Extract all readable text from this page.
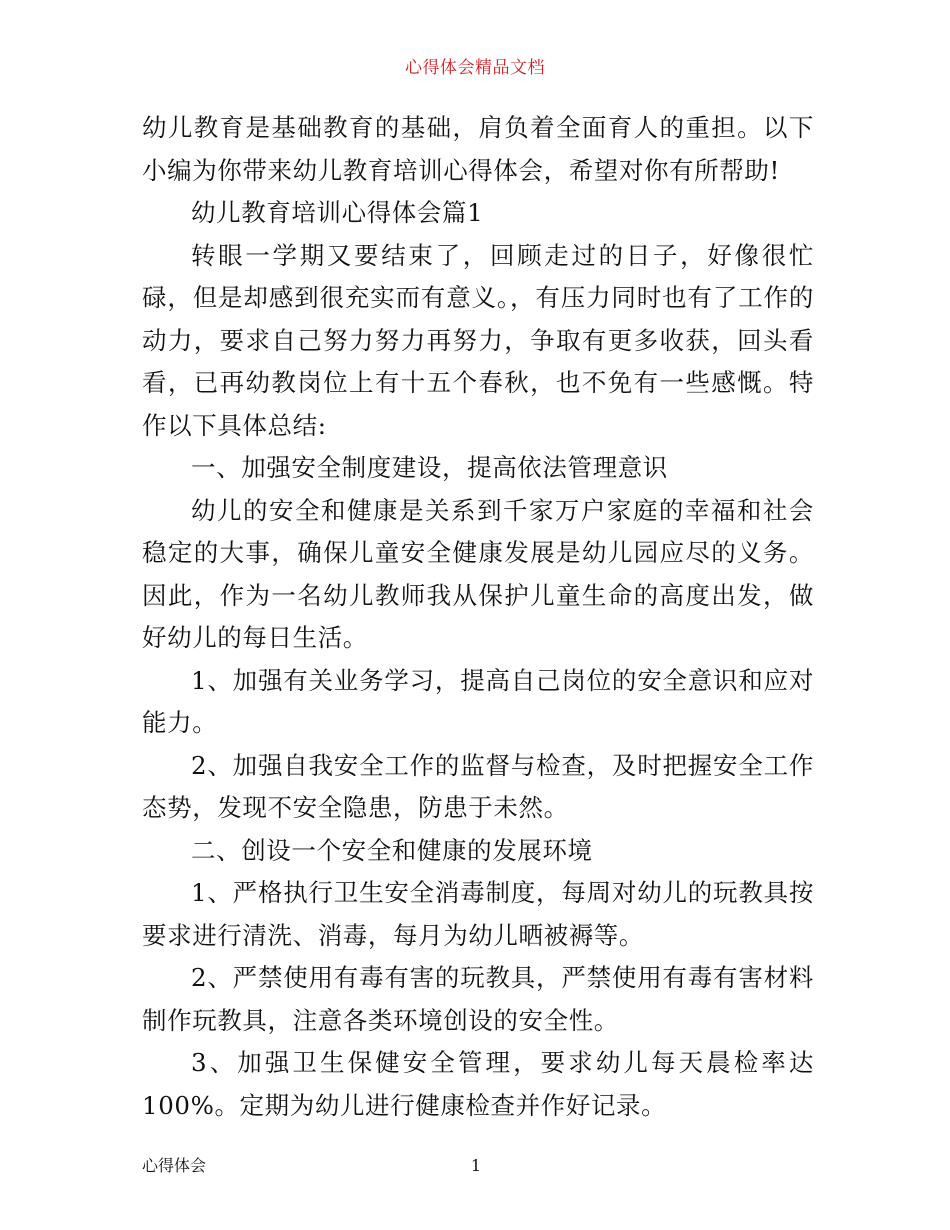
心得体会精品文档

幼儿教育是基础教育的基础，肩负着全面育人的重担。以下小编为你带来幼儿教育培训心得体会，希望对你有所帮助!

幼儿教育培训心得体会篇1

转眼一学期又要结束了，回顾走过的日子，好像很忙碌，但是却感到很充实而有意义。，有压力同时也有了工作的动力，要求自己努力努力再努力，争取有更多收获，回头看看，已再幼教岗位上有十五个春秋，也不免有一些感慨。特作以下具体总结:

一、加强安全制度建设，提高依法管理意识

幼儿的安全和健康是关系到千家万户家庭的幸福和社会稳定的大事，确保儿童安全健康发展是幼儿园应尽的义务。因此，作为一名幼儿教师我从保护儿童生命的高度出发，做好幼儿的每日生活。

1、加强有关业务学习，提高自己岗位的安全意识和应对能力。

2、加强自我安全工作的监督与检查，及时把握安全工作态势，发现不安全隐患，防患于未然。

二、创设一个安全和健康的发展环境

1、严格执行卫生安全消毒制度，每周对幼儿的玩教具按要求进行清洗、消毒，每月为幼儿晒被褥等。

2、严禁使用有毒有害的玩教具，严禁使用有毒有害材料制作玩教具，注意各类环境创设的安全性。

3、加强卫生保健安全管理，要求幼儿每天晨检率达100%。定期为幼儿进行健康检查并作好记录。

心得体会	1
